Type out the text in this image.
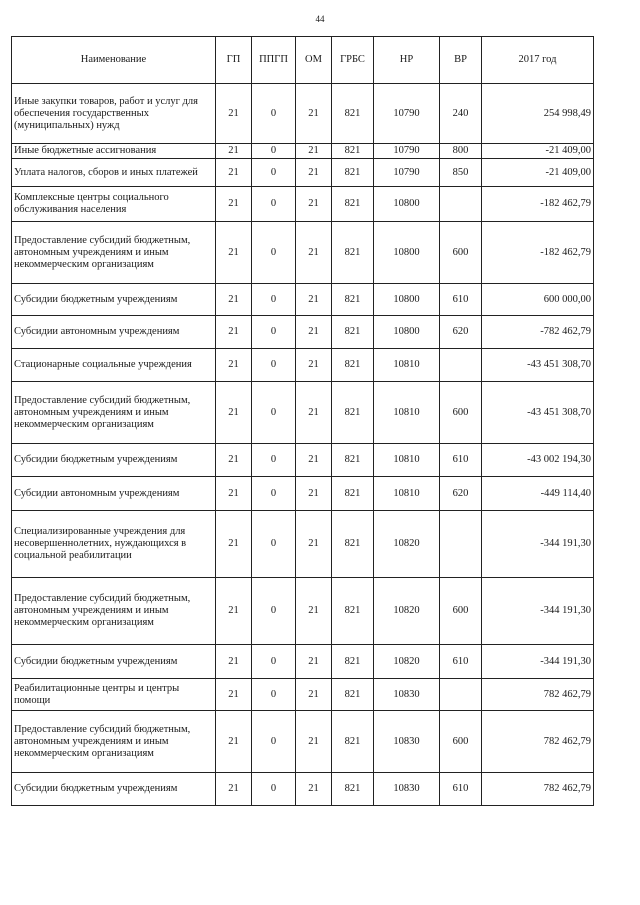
44
Наименование	ГП	ППГП	ОМ	ГРБС	НР	ВР	2017 год
Иные закупки товаров, работ и услуг для обеспечения государственных (муниципальных) нужд	21	0	21	821	10790	240	254 998,49
Иные бюджетные ассигнования	21	0	21	821	10790	800	-21 409,00
Уплата налогов, сборов и иных платежей	21	0	21	821	10790	850	-21 409,00
Комплексные центры социального обслуживания населения	21	0	21	821	10800		-182 462,79
Предоставление субсидий бюджетным, автономным учреждениям и иным некоммерческим организациям	21	0	21	821	10800	600	-182 462,79
Субсидии бюджетным учреждениям	21	0	21	821	10800	610	600 000,00
Субсидии автономным учреждениям	21	0	21	821	10800	620	-782 462,79
Стационарные социальные учреждения	21	0	21	821	10810		-43 451 308,70
Предоставление субсидий бюджетным, автономным учреждениям и иным некоммерческим организациям	21	0	21	821	10810	600	-43 451 308,70
Субсидии бюджетным учреждениям	21	0	21	821	10810	610	-43 002 194,30
Субсидии автономным учреждениям	21	0	21	821	10810	620	-449 114,40
Специализированные учреждения для несовершеннолетних, нуждающихся в социальной реабилитации	21	0	21	821	10820		-344 191,30
Предоставление субсидий бюджетным, автономным учреждениям и иным некоммерческим организациям	21	0	21	821	10820	600	-344 191,30
Субсидии бюджетным учреждениям	21	0	21	821	10820	610	-344 191,30
Реабилитационные центры и центры помощи	21	0	21	821	10830		782 462,79
Предоставление субсидий бюджетным, автономным учреждениям и иным некоммерческим организациям	21	0	21	821	10830	600	782 462,79
Субсидии бюджетным учреждениям	21	0	21	821	10830	610	782 462,79
